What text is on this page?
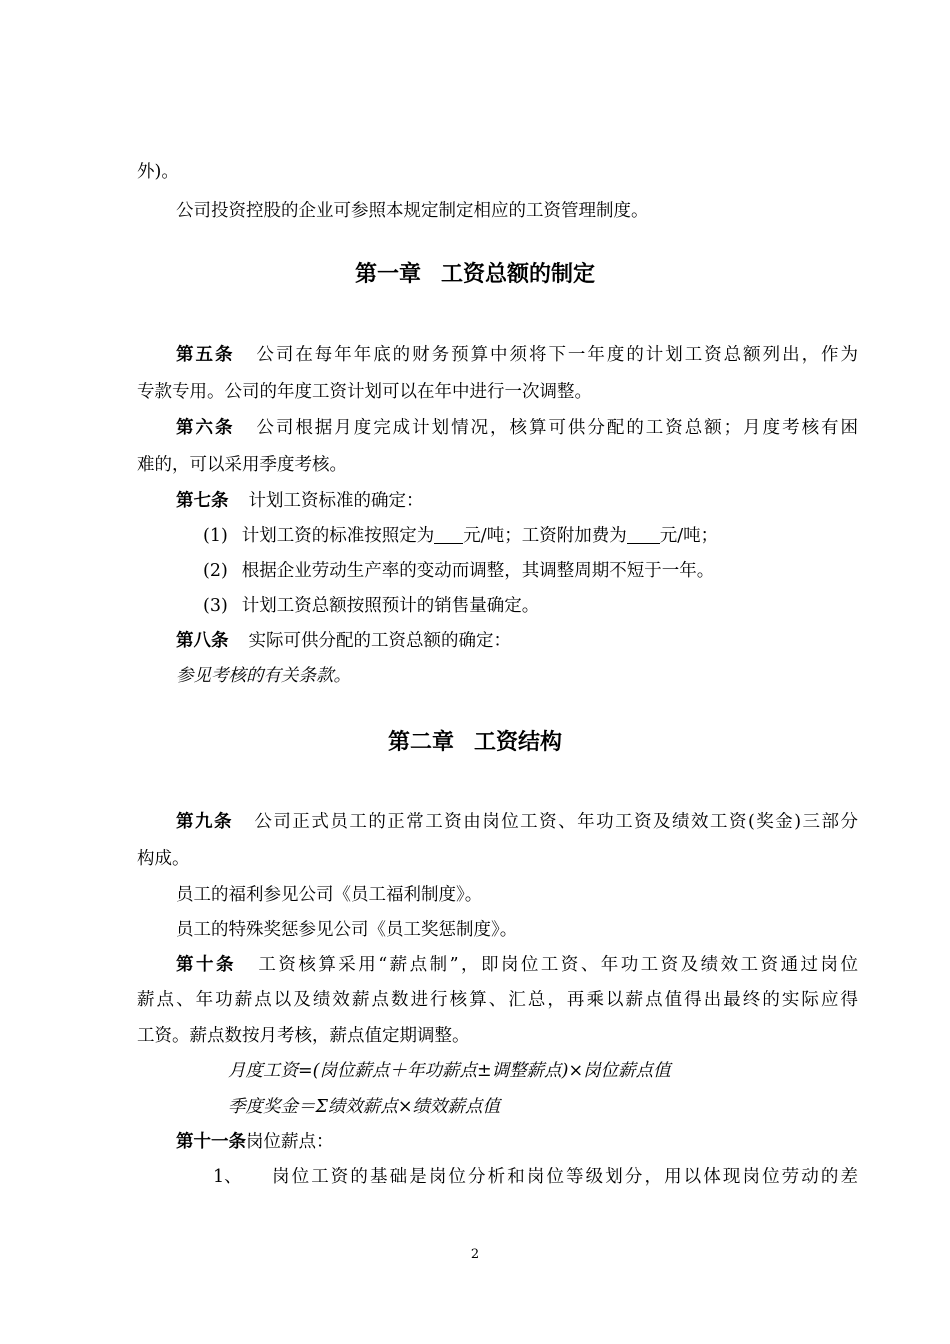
外)。
公司投资控股的企业可参照本规定制定相应的工资管理制度。
第一章 工资总额的制定
第五条 公司在每年年底的财务预算中须将下一年度的计划工资总额列出，作为
专款专用。公司的年度工资计划可以在年中进行一次调整。
第六条 公司根据月度完成计划情况，核算可供分配的工资总额；月度考核有困
难的，可以采用季度考核。
第七条 计划工资标准的确定：
(1) 计划工资的标准按照定为 元/吨；工资附加费为 元/吨；
(2) 根据企业劳动生产率的变动而调整，其调整周期不短于一年。
(3) 计划工资总额按照预计的销售量确定。
第八条 实际可供分配的工资总额的确定：
参见考核的有关条款。
第二章 工资结构
第九条 公司正式员工的正常工资由岗位工资、年功工资及绩效工资(奖金)三部分
构成。
员工的福利参见公司《员工福利制度》。
员工的特殊奖惩参见公司《员工奖惩制度》。
第十条 工资核算采用“薪点制”，即岗位工资、年功工资及绩效工资通过岗位
薪点、年功薪点以及绩效薪点数进行核算、汇总，再乘以薪点值得出最终的实际应得
工资。薪点数按月考核，薪点值定期调整。
月度工资=(岗位薪点＋年功薪点±调整薪点)×岗位薪点值
季度奖金＝Σ绩效薪点×绩效薪点值
第十一条岗位薪点：
1、 岗位工资的基础是岗位分析和岗位等级划分，用以体现岗位劳动的差
2
